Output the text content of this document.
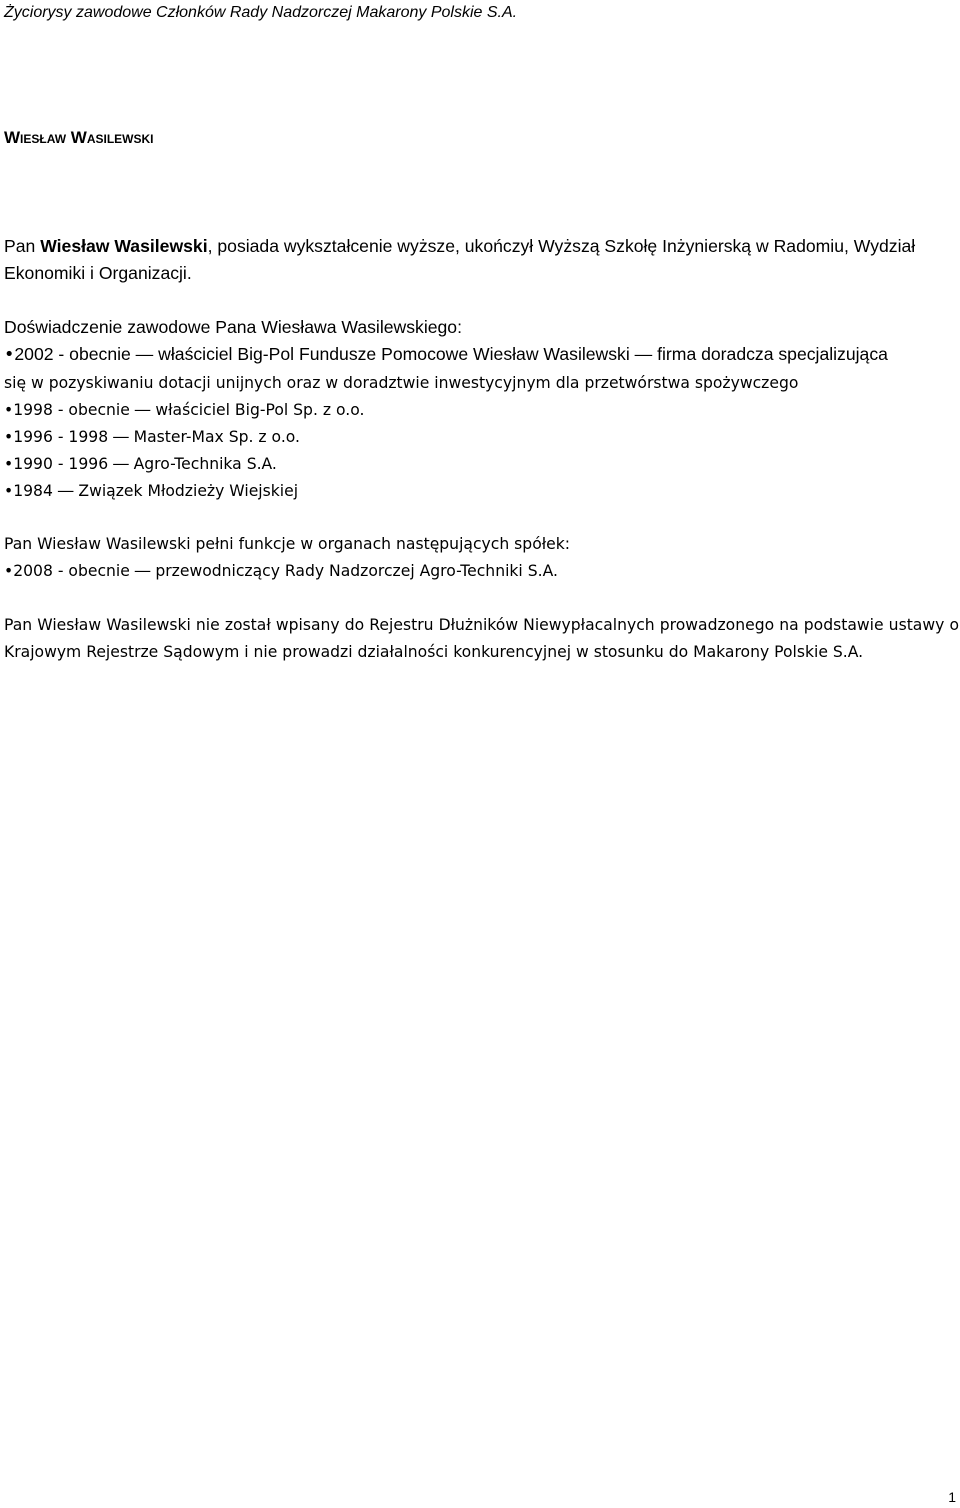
Życiorysy zawodowe Członków Rady Nadzorczej Makarony Polskie S.A.
Wiesław Wasilewski

Pan Wiesław Wasilewski, posiada wykształcenie wyższe, ukończył Wyższą Szkołę Inżynierską w Radomiu, Wydział Ekonomiki i Organizacji.

Doświadczenie zawodowe Pana Wiesława Wasilewskiego:

•2002 - obecnie ― właściciel Big-Pol Fundusze Pomocowe Wiesław Wasilewski ― firma doradcza specjalizująca
się w pozyskiwaniu dotacji unijnych oraz w doradztwie inwestycyjnym dla przetwórstwa spożywczego
•1998 - obecnie ― właściciel Big-Pol Sp. z o.o.
•1996 - 1998 ― Master-Max Sp. z o.o.
•1990 - 1996 ― Agro-Technika S.A.
•1984 ― Związek Młodzieży Wiejskiej

Pan Wiesław Wasilewski pełni funkcje w organach następujących spółek:

•2008 - obecnie ― przewodniczący Rady Nadzorczej Agro-Techniki S.A.

Pan Wiesław Wasilewski nie został wpisany do Rejestru Dłużników Niewypłacalnych prowadzonego na podstawie ustawy o Krajowym Rejestrze Sądowym i nie prowadzi działalności konkurencyjnej w stosunku do Makarony Polskie S.A.

1
